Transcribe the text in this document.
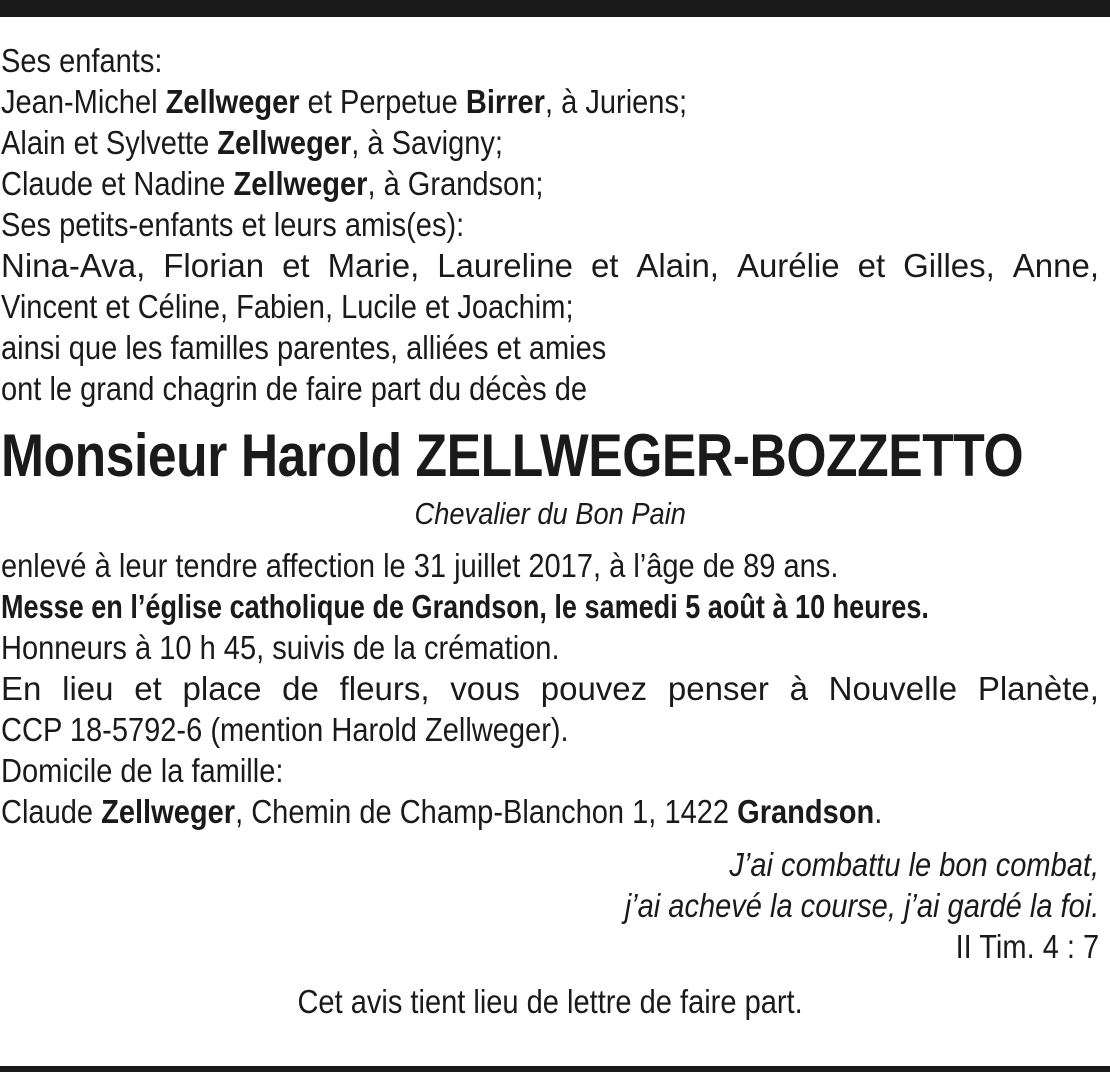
Ses enfants:
Jean-Michel Zellweger et Perpetue Birrer, à Juriens;
Alain et Sylvette Zellweger, à Savigny;
Claude et Nadine Zellweger, à Grandson;
Ses petits-enfants et leurs amis(es):
Nina-Ava, Florian et Marie, Laureline et Alain, Aurélie et Gilles, Anne,
Vincent et Céline, Fabien, Lucile et Joachim;
ainsi que les familles parentes, alliées et amies
ont le grand chagrin de faire part du décès de
Monsieur Harold ZELLWEGER-BOZZETTO
Chevalier du Bon Pain
enlevé à leur tendre affection le 31 juillet 2017, à l’âge de 89 ans.
Messe en l’église catholique de Grandson, le samedi 5 août à 10 heures.
Honneurs à 10 h 45, suivis de la crémation.
En lieu et place de fleurs, vous pouvez penser à Nouvelle Planète,
CCP 18-5792-6 (mention Harold Zellweger).
Domicile de la famille:
Claude Zellweger, Chemin de Champ-Blanchon 1, 1422 Grandson.
J’ai combattu le bon combat,
j’ai achevé la course, j’ai gardé la foi.
II Tim. 4 : 7
Cet avis tient lieu de lettre de faire part.
